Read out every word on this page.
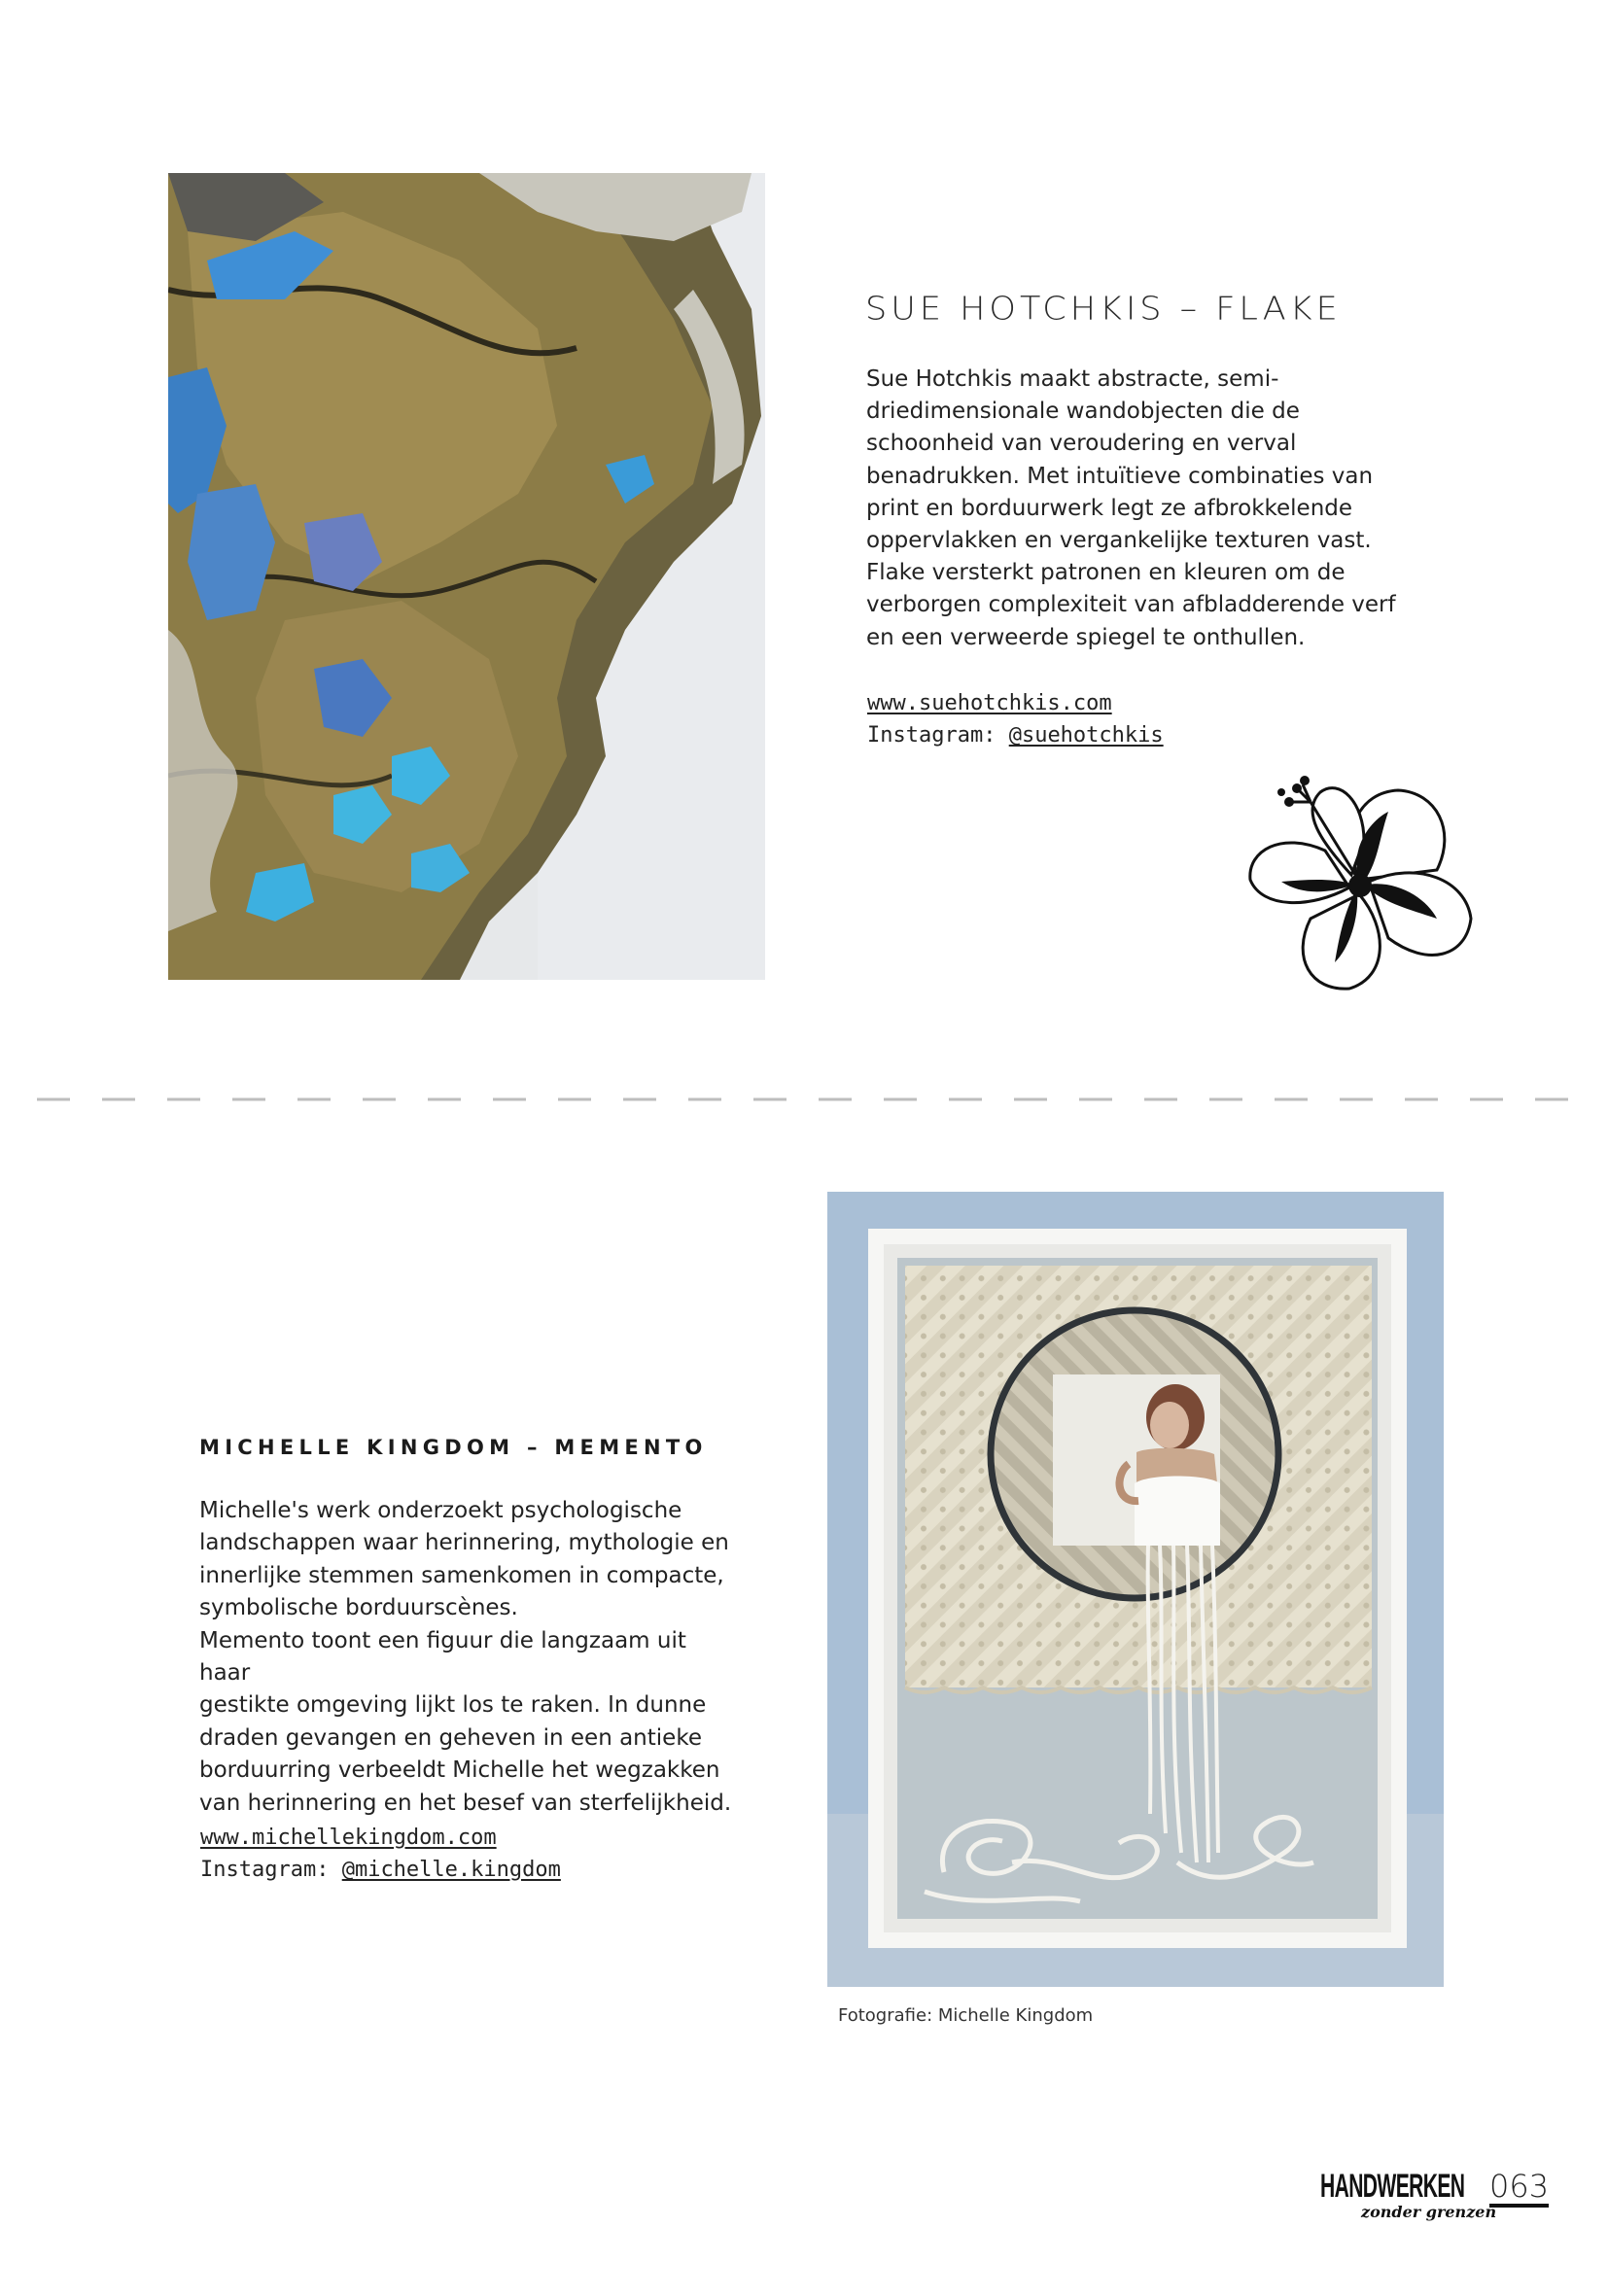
SUE HOTCHKIS – FLAKE
Sue Hotchkis maakt abstracte, semi-
driedimensionale wandobjecten die de
schoonheid van veroudering en verval
benadrukken. Met intuïtieve combinaties van
print en borduurwerk legt ze afbrokkelende
oppervlakken en vergankelijke texturen vast.
Flake versterkt patronen en kleuren om de
verborgen complexiteit van afbladderende verf
en een verweerde spiegel te onthullen.
www.suehotchkis.com
Instagram: @suehotchkis
MICHELLE KINGDOM – MEMENTO
Michelle's werk onderzoekt psychologische
landschappen waar herinnering, mythologie en
innerlijke stemmen samenkomen in compacte,
symbolische borduurscènes.
Memento toont een figuur die langzaam uit haar
gestikte omgeving lijkt los te raken. In dunne
draden gevangen en geheven in een antieke
borduurring verbeeldt Michelle het wegzakken
van herinnering en het besef van sterfelijkheid.
www.michellekingdom.com
Instagram: @michelle.kingdom
Fotografie: Michelle Kingdom
HANDWERKEN
zonder grenzen
063
